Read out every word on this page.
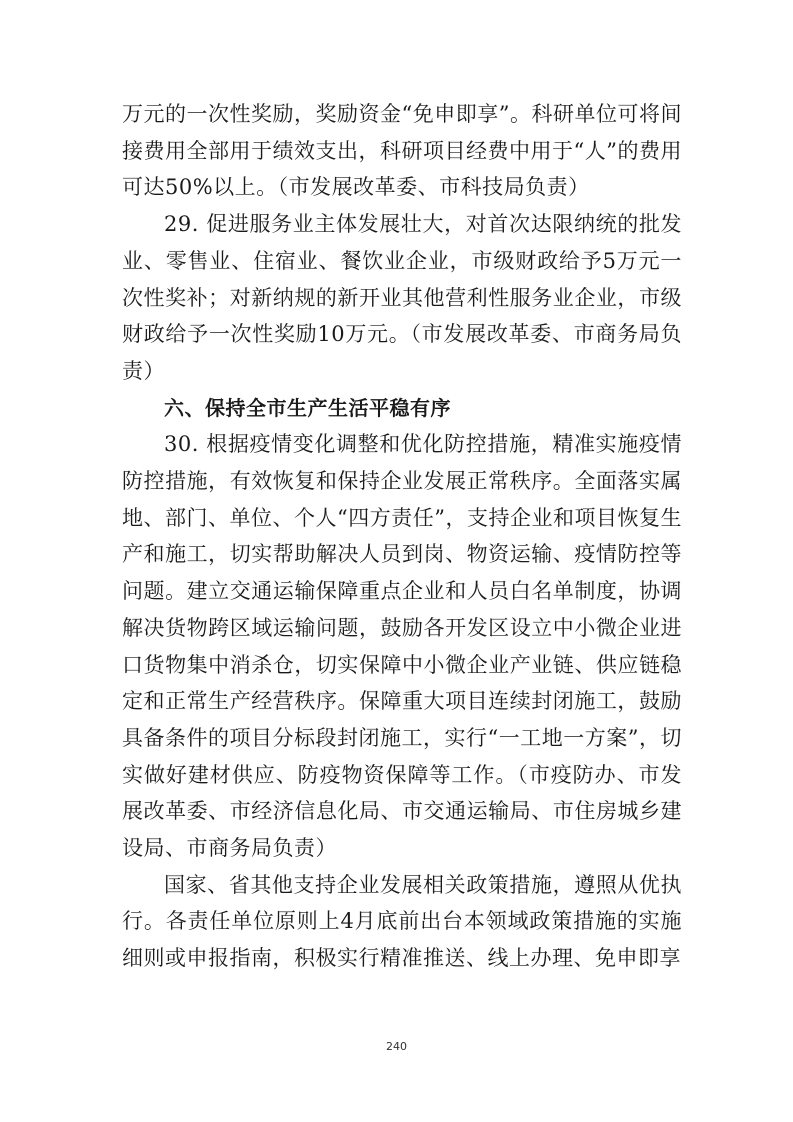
万元的一次性奖励，奖励资金“免申即享”。科研单位可将间接费用全部用于绩效支出，科研项目经费中用于“人”的费用可达50%以上。（市发展改革委、市科技局负责）

29. 促进服务业主体发展壮大，对首次达限纳统的批发业、零售业、住宿业、餐饮业企业，市级财政给予5万元一次性奖补；对新纳规的新开业其他营利性服务业企业，市级财政给予一次性奖励10万元。（市发展改革委、市商务局负责）

六、保持全市生产生活平稳有序

30. 根据疫情变化调整和优化防控措施，精准实施疫情防控措施，有效恢复和保持企业发展正常秩序。全面落实属地、部门、单位、个人“四方责任”，支持企业和项目恢复生产和施工，切实帮助解决人员到岗、物资运输、疫情防控等问题。建立交通运输保障重点企业和人员白名单制度，协调解决货物跨区域运输问题，鼓励各开发区设立中小微企业进口货物集中消杀仓，切实保障中小微企业产业链、供应链稳定和正常生产经营秩序。保障重大项目连续封闭施工，鼓励具备条件的项目分标段封闭施工，实行“一工地一方案”，切实做好建材供应、防疫物资保障等工作。（市疫防办、市发展改革委、市经济信息化局、市交通运输局、市住房城乡建设局、市商务局负责）

国家、省其他支持企业发展相关政策措施，遵照从优执行。各责任单位原则上4月底前出台本领域政策措施的实施细则或申报指南，积极实行精准推送、线上办理、免申即享

240
